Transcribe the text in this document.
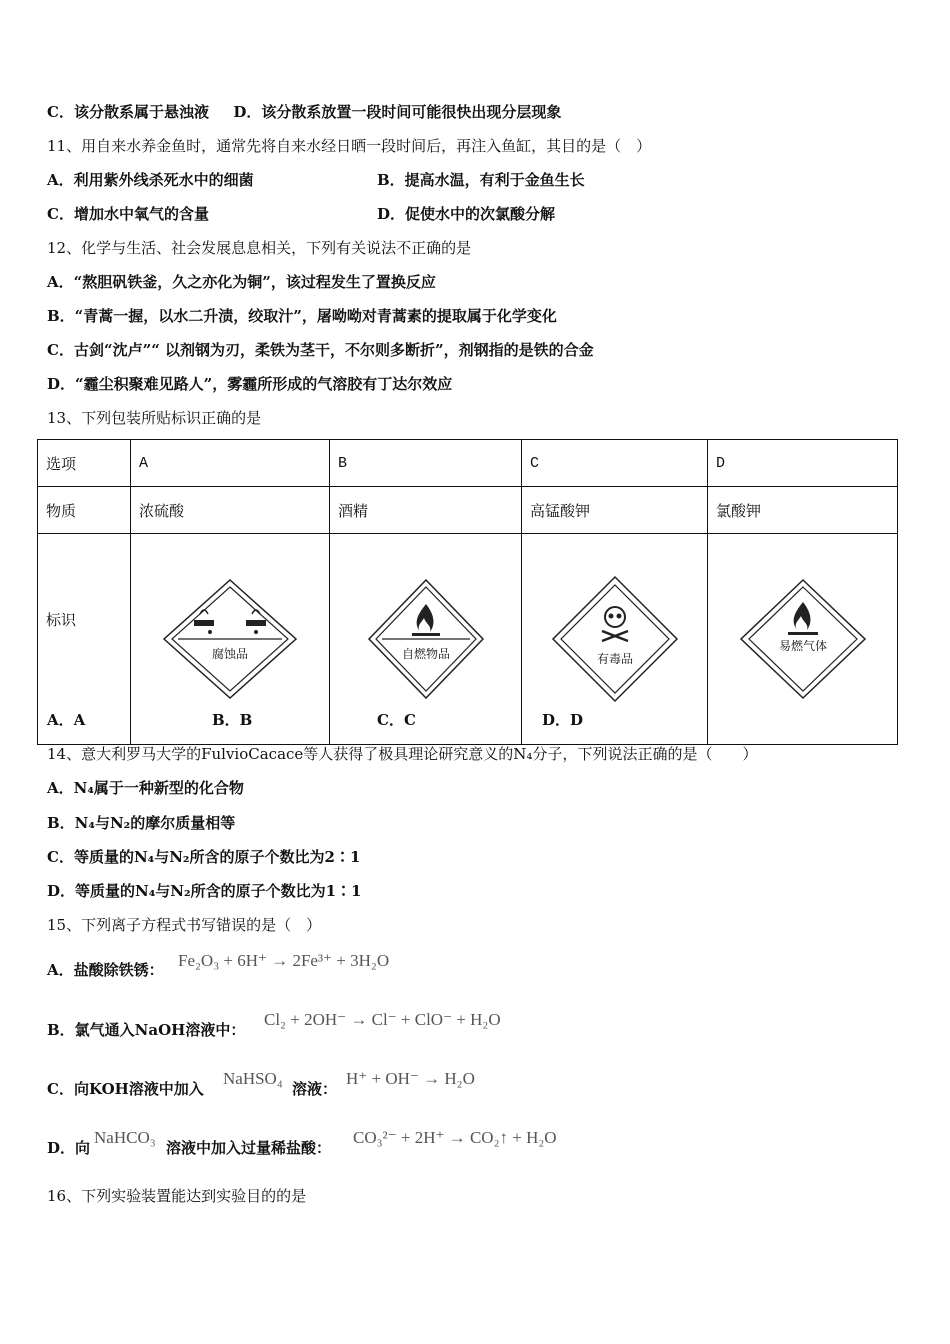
C．该分散系属于悬浊液 D．该分散系放置一段时间可能很快出现分层现象
11、用自来水养金鱼时，通常先将自来水经日晒一段时间后，再注入鱼缸，其目的是（　）
A．利用紫外线杀死水中的细菌	B．提高水温，有利于金鱼生长
C．增加水中氧气的含量	D．促使水中的次氯酸分解
12、化学与生活、社会发展息息相关，下列有关说法不正确的是
A．“熬胆矾铁釜，久之亦化为铜”，该过程发生了置换反应
B．“青蒿一握，以水二升渍，绞取汁”，屠呦呦对青蒿素的提取属于化学变化
C．古剑“沈卢”“ 以剂钢为刃，柔铁为茎干，不尔则多断折”，剂钢指的是铁的合金
D．“霾尘积聚难见路人”，雾霾所形成的气溶胶有丁达尔效应
13、下列包装所贴标识正确的是
选项	A	B	C	D
物质	浓硫酸	酒精	高锰酸钾	氯酸钾
标识	腐蚀品	自燃物品	有毒品	易燃气体
A．A	B．B	C．C	D．D
14、意大利罗马大学的FulvioCacace等人获得了极具理论研究意义的N₄分子，下列说法正确的是（　　）
A．N₄属于一种新型的化合物
B．N₄与N₂的摩尔质量相等
C．等质量的N₄与N₂所含的原子个数比为2∶1
D．等质量的N₄与N₂所含的原子个数比为1∶1
15、下列离子方程式书写错误的是（　）
A．盐酸除铁锈： Fe₂O₃ + 6H⁺ → 2Fe³⁺ + 3H₂O
B．氯气通入NaOH溶液中：
Cl₂ + 2OH⁻ → Cl⁻ + ClO⁻ + H₂O
C．向KOH溶液中加入
NaHSO₄
溶液：
H⁺ + OH⁻ → H₂O
D．向
NaHCO₃
溶液中加入过量稀盐酸：
CO₃²⁻ + 2H⁺ → CO₂↑ + H₂O
16、下列实验装置能达到实验目的的是
